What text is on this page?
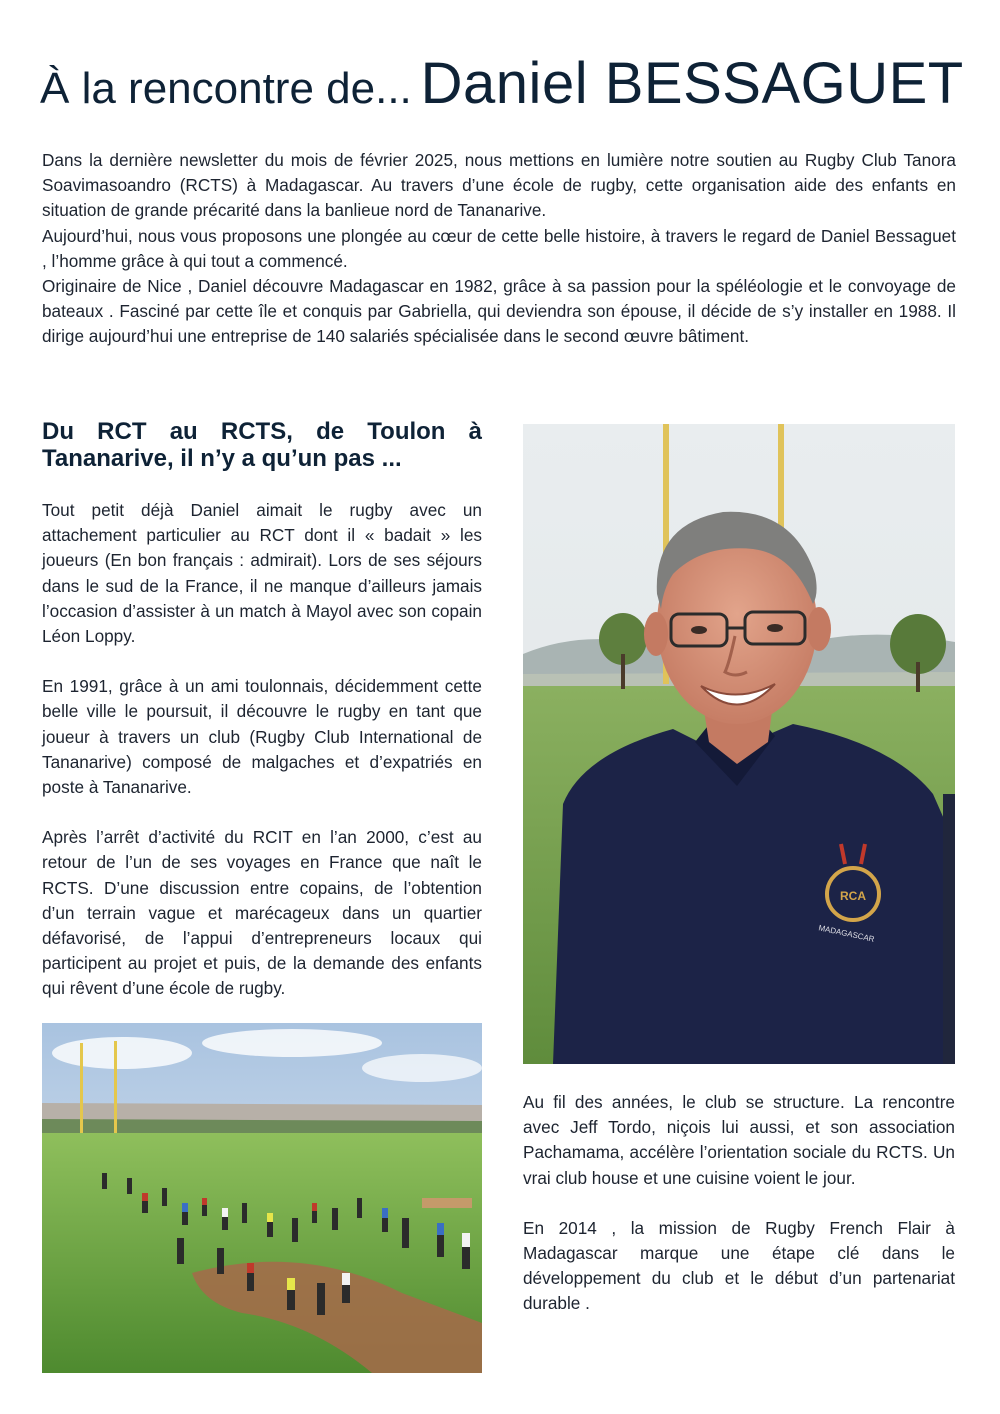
À la rencontre de... Daniel BESSAGUET

Dans la dernière newsletter du mois de février 2025, nous mettions en lumière notre soutien au Rugby Club Tanora Soavimasoandro (RCTS) à Madagascar. Au travers d’une école de rugby, cette organisation aide des enfants en situation de grande précarité dans la banlieue nord de Tananarive.

Aujourd’hui, nous vous proposons une plongée au cœur de cette belle histoire, à travers le regard de Daniel Bessaguet , l’homme grâce à qui tout a commencé.

Originaire de Nice , Daniel découvre Madagascar en 1982, grâce à sa passion pour la spéléologie et le convoyage de bateaux . Fasciné par cette île et conquis par Gabriella, qui deviendra son épouse, il décide de s’y installer en 1988. Il dirige aujourd’hui une entreprise de 140 salariés spécialisée dans le second œuvre bâtiment.

Du RCT au RCTS, de Toulon à Tananarive, il n’y a qu’un pas ...

Tout petit déjà Daniel aimait le rugby avec un attachement particulier au RCT dont il « badait » les joueurs (En bon français : admirait). Lors de ses séjours dans le sud de la France, il ne manque d’ailleurs jamais l’occasion d’assister à un match à Mayol avec son copain Léon Loppy.

En 1991, grâce à un ami toulonnais, décidemment cette belle ville le poursuit, il découvre le rugby en tant que joueur à travers un club (Rugby Club International de Tananarive) composé de malgaches et d’expatriés en poste à Tananarive.

Après l’arrêt d’activité du RCIT en l’an 2000, c’est au retour de l’un de ses voyages en France que naît le RCTS. D’une discussion entre copains, de l’obtention d’un terrain vague et marécageux dans un quartier défavorisé, de l’appui d’entrepreneurs locaux qui participent au projet et puis, de la demande des enfants qui rêvent d’une école de rugby.

RCA
MADAGASCAR

Au fil des années, le club se structure. La rencontre avec Jeff Tordo, niçois lui aussi, et son association Pachamama, accélère l’orientation sociale du RCTS. Un vrai club house et une cuisine voient le jour.

En 2014 , la mission de Rugby French Flair à Madagascar marque une étape clé dans le développement du club et le début d’un partenariat durable .
